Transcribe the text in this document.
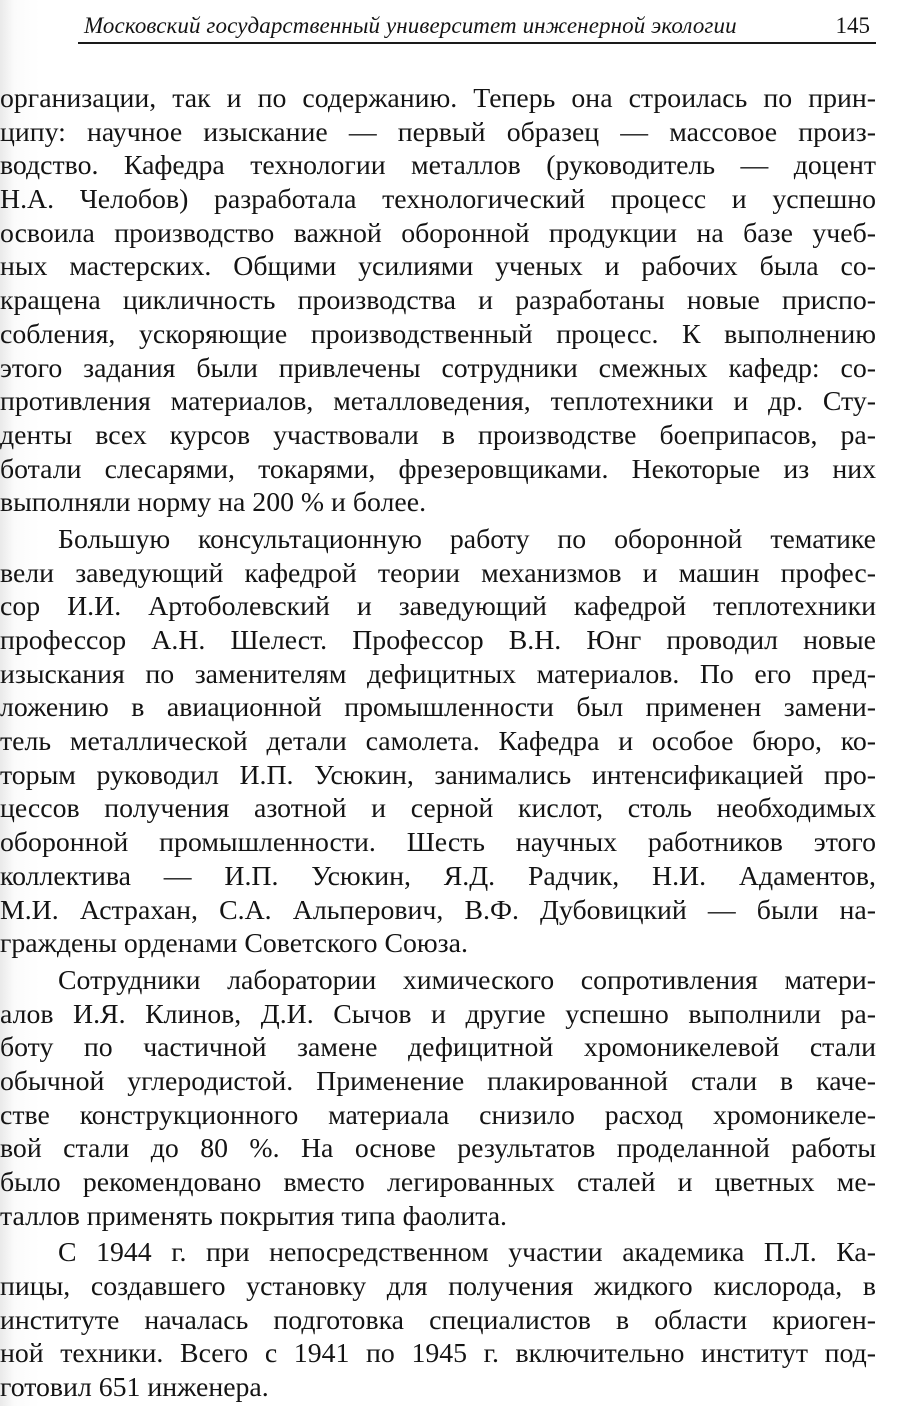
Московский государственный университет инженерной экологии	145
организации, так и по содержанию. Теперь она строилась по прин-
ципу: научное изыскание — первый образец — массовое произ-
водство. Кафедра технологии металлов (руководитель — доцент
Н.А. Челобов) разработала технологический процесс и успешно
освоила производство важной оборонной продукции на базе учеб-
ных мастерских. Общими усилиями ученых и рабочих была со-
кращена цикличность производства и разработаны новые приспо-
собления, ускоряющие производственный процесс. К выполнению
этого задания были привлечены сотрудники смежных кафедр: со-
противления материалов, металловедения, теплотехники и др. Сту-
денты всех курсов участвовали в производстве боеприпасов, ра-
ботали слесарями, токарями, фрезеровщиками. Некоторые из них
выполняли норму на 200 % и более.
Большую консультационную работу по оборонной тематике
вели заведующий кафедрой теории механизмов и машин профес-
сор И.И. Артоболевский и заведующий кафедрой теплотехники
профессор А.Н. Шелест. Профессор В.Н. Юнг проводил новые
изыскания по заменителям дефицитных материалов. По его пред-
ложению в авиационной промышленности был применен замени-
тель металлической детали самолета. Кафедра и особое бюро, ко-
торым руководил И.П. Усюкин, занимались интенсификацией про-
цессов получения азотной и серной кислот, столь необходимых
оборонной промышленности. Шесть научных работников этого
коллектива — И.П. Усюкин, Я.Д. Радчик, Н.И. Адаментов,
М.И. Астрахан, С.А. Альперович, В.Ф. Дубовицкий — были на-
граждены орденами Советского Союза.
Сотрудники лаборатории химического сопротивления матери-
алов И.Я. Клинов, Д.И. Сычов и другие успешно выполнили ра-
боту по частичной замене дефицитной хромоникелевой стали
обычной углеродистой. Применение плакированной стали в каче-
стве конструкционного материала снизило расход хромоникеле-
вой стали до 80 %. На основе результатов проделанной работы
было рекомендовано вместо легированных сталей и цветных ме-
таллов применять покрытия типа фаолита.
С 1944 г. при непосредственном участии академика П.Л. Ка-
пицы, создавшего установку для получения жидкого кислорода, в
институте началась подготовка специалистов в области криоген-
ной техники. Всего с 1941 по 1945 г. включительно институт под-
готовил 651 инженера.
